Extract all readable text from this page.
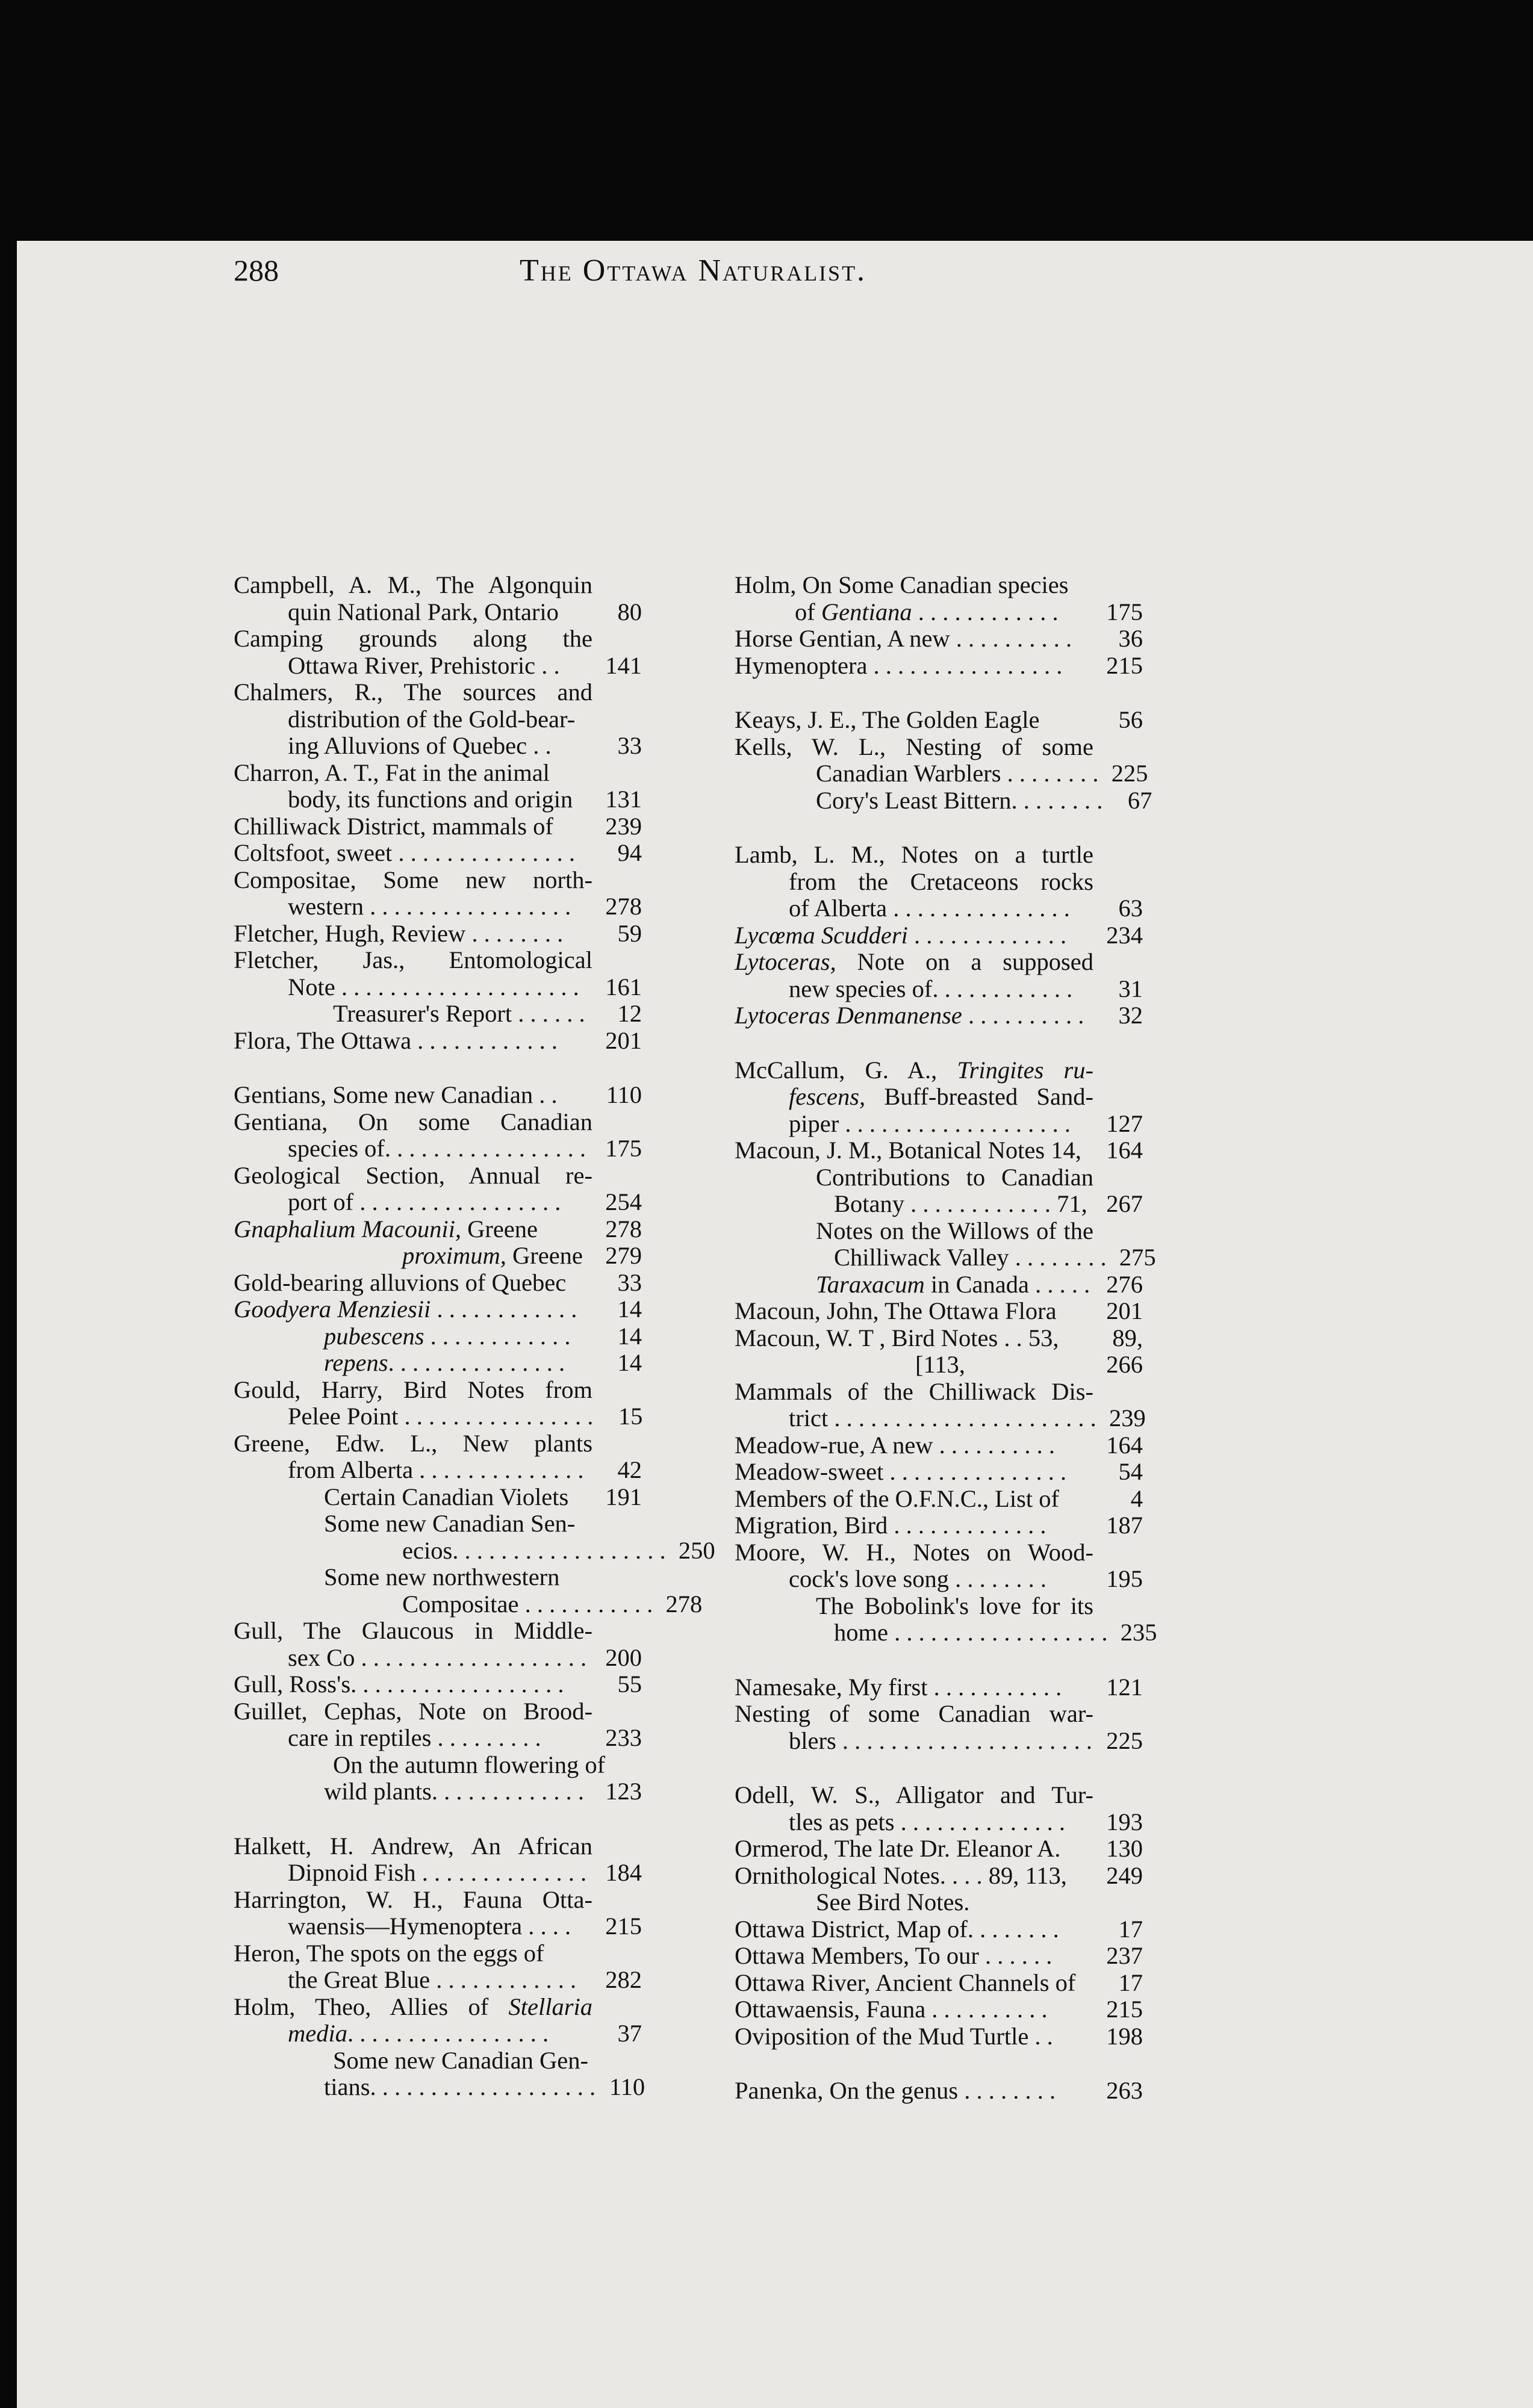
288	The Ottawa Naturalist.
Campbell, A. M., The Algonquin
quin National Park, Ontario	80
Camping grounds along the
Ottawa River, Prehistoric . .	141
Chalmers, R., The sources and
distribution of the Gold-bear-
ing Alluvions of Quebec . .	33
Charron, A. T., Fat in the animal
body, its functions and origin	131
Chilliwack District, mammals of	239
Coltsfoot, sweet . . . . . . . . . . . . . . .	94
Compositae, Some new north-
western . . . . . . . . . . . . . . . . .	278
Fletcher, Hugh, Review . . . . . . . .	59
Fletcher, Jas., Entomological
Note . . . . . . . . . . . . . . . . . . . .	161
Treasurer's Report . . . . . .	12
Flora, The Ottawa . . . . . . . . . . . .	201
Gentians, Some new Canadian . .	110
Gentiana, On some Canadian
species of. . . . . . . . . . . . . . . . . 175
Geological Section, Annual re-
port of . . . . . . . . . . . . . . . . .	254
Gnaphalium Macounii, Greene	278
proximum, Greene 279
Gold-bearing alluvions of Quebec	33
Goodyera Menziesii . . . . . . . . . . . .	14
pubescens . . . . . . . . . . . .	14
repens. . . . . . . . . . . . . . .	14
Gould, Harry, Bird Notes from
Pelee Point . . . . . . . . . . . . . . . .	15
Greene, Edw. L., New plants
from Alberta . . . . . . . . . . . . . .	42
Certain Canadian Violets	191
Some new Canadian Sen-
ecios. . . . . . . . . . . . . . . . . . 250
Some new northwestern
Compositae . . . . . . . . . . . 278
Gull, The Glaucous in Middle-
sex Co . . . . . . . . . . . . . . . . . . . 200
Gull, Ross's. . . . . . . . . . . . . . . . . .	55
Guillet, Cephas, Note on Brood-
care in reptiles . . . . . . . . .	233
On the autumn flowering of
wild plants. . . . . . . . . . . . . 123
Halkett, H. Andrew, An African
Dipnoid Fish . . . . . . . . . . . . . . 184
Harrington, W. H., Fauna Otta-
waensis—Hymenoptera . . . .	215
Heron, The spots on the eggs of
the Great Blue . . . . . . . . . . . .	282
Holm, Theo, Allies of Stellaria
media. . . . . . . . . . . . . . . . .	37
Some new Canadian Gen-
tians. . . . . . . . . . . . . . . . . . . 110
Holm, On Some Canadian species
of Gentiana . . . . . . . . . . . .	175
Horse Gentian, A new . . . . . . . . . .	36
Hymenoptera . . . . . . . . . . . . . . . .	215
Keays, J. E., The Golden Eagle	56
Kells, W. L., Nesting of some
Canadian Warblers . . . . . . . . 225
Cory's Least Bittern. . . . . . . .	67
Lamb, L. M., Notes on a turtle
from the Cretaceons rocks
of Alberta . . . . . . . . . . . . . . .	63
Lycœma Scudderi . . . . . . . . . . . . .	234
Lytoceras, Note on a supposed
new species of. . . . . . . . . . . .	31
Lytoceras Denmanense . . . . . . . . . .	32
McCallum, G. A., Tringites ru-
fescens, Buff-breasted Sand-
piper . . . . . . . . . . . . . . . . . . .	127
Macoun, J. M., Botanical Notes 14,	164
Contributions to Canadian
Botany . . . . . . . . . . . . 71, 267
Notes on the Willows of the
Chilliwack Valley . . . . . . . . 275
Taraxacum in Canada . . . . . 276
Macoun, John, The Ottawa Flora	201
Macoun, W. T , Bird Notes . . 53,	89,
[113,	266
Mammals of the Chilliwack Dis-
trict . . . . . . . . . . . . . . . . . . . . . . 239
Meadow-rue, A new . . . . . . . . . .	164
Meadow-sweet . . . . . . . . . . . . . . .	54
Members of the O.F.N.C., List of	4
Migration, Bird . . . . . . . . . . . . .	187
Moore, W. H., Notes on Wood-
cock's love song . . . . . . . .	195
The Bobolink's love for its
home . . . . . . . . . . . . . . . . . . 235
Namesake, My first . . . . . . . . . . .	121
Nesting of some Canadian war-
blers . . . . . . . . . . . . . . . . . . . . . 225
Odell, W. S., Alligator and Tur-
tles as pets . . . . . . . . . . . . . .	193
Ormerod, The late Dr. Eleanor A.	130
Ornithological Notes. . . . 89, 113,	249
See Bird Notes.
Ottawa District, Map of. . . . . . . .	17
Ottawa Members, To our . . . . . .	237
Ottawa River, Ancient Channels of	17
Ottawaensis, Fauna . . . . . . . . . .	215
Oviposition of the Mud Turtle . .	198
Panenka, On the genus . . . . . . . .	263
